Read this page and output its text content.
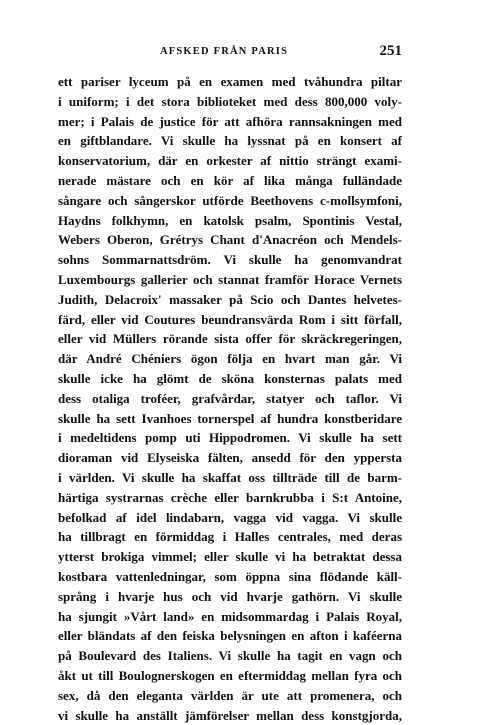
AFSKED FRÅN PARIS	251
ett pariser lyceum på en examen med tvåhundra piltar
i uniform; i det stora biblioteket med dess 800,000 voly-
mer; i Palais de justice för att afhöra rannsakningen med
en giftblandare. Vi skulle ha lyssnat på en konsert af
konservatorium, där en orkester af nittio strängt exami-
nerade mästare och en kör af lika många fulländade
sångare och sångerskor utförde Beethovens c-mollsymfoni,
Haydns folkhymn, en katolsk psalm, Spontinis Vestal,
Webers Oberon, Grétrys Chant d'Anacréon och Mendels-
sohns Sommarnattsdröm. Vi skulle ha genomvandrat
Luxembourgs gallerier och stannat framför Horace Vernets
Judith, Delacroix' massaker på Scio och Dantes helvetes-
färd, eller vid Coutures beundransvärda Rom i sitt förfall,
eller vid Müllers rörande sista offer för skräckregeringen,
där André Chéniers ögon följa en hvart man går. Vi
skulle icke ha glömt de sköna konsternas palats med
dess otaliga troféer, grafvårdar, statyer och taflor. Vi
skulle ha sett Ivanhoes tornerspel af hundra konstberidare
i medeltidens pomp uti Hippodromen. Vi skulle ha sett
dioraman vid Elyseiska fälten, ansedd för den yppersta
i världen. Vi skulle ha skaffat oss tillträde till de barm-
härtiga systrarnas crèche eller barnkrubba i S:t Antoine,
befolkad af idel lindabarn, vagga vid vagga. Vi skulle
ha tillbragt en förmiddag i Halles centrales, med deras
ytterst brokiga vimmel; eller skulle vi ha betraktat dessa
kostbara vattenledningar, som öppna sina flödande käll-
språng i hvarje hus och vid hvarje gathörn. Vi skulle
ha sjungit »Vårt land» en midsommardag i Palais Royal,
eller bländats af den feiska belysningen en afton i kaféerna
på Boulevard des Italiens. Vi skulle ha tagit en vagn och
åkt ut till Boulognerskogen en eftermiddag mellan fyra och
sex, då den eleganta världen är ute att promenera, och
vi skulle ha anställt jämförelser mellan dess konstgjorda,
